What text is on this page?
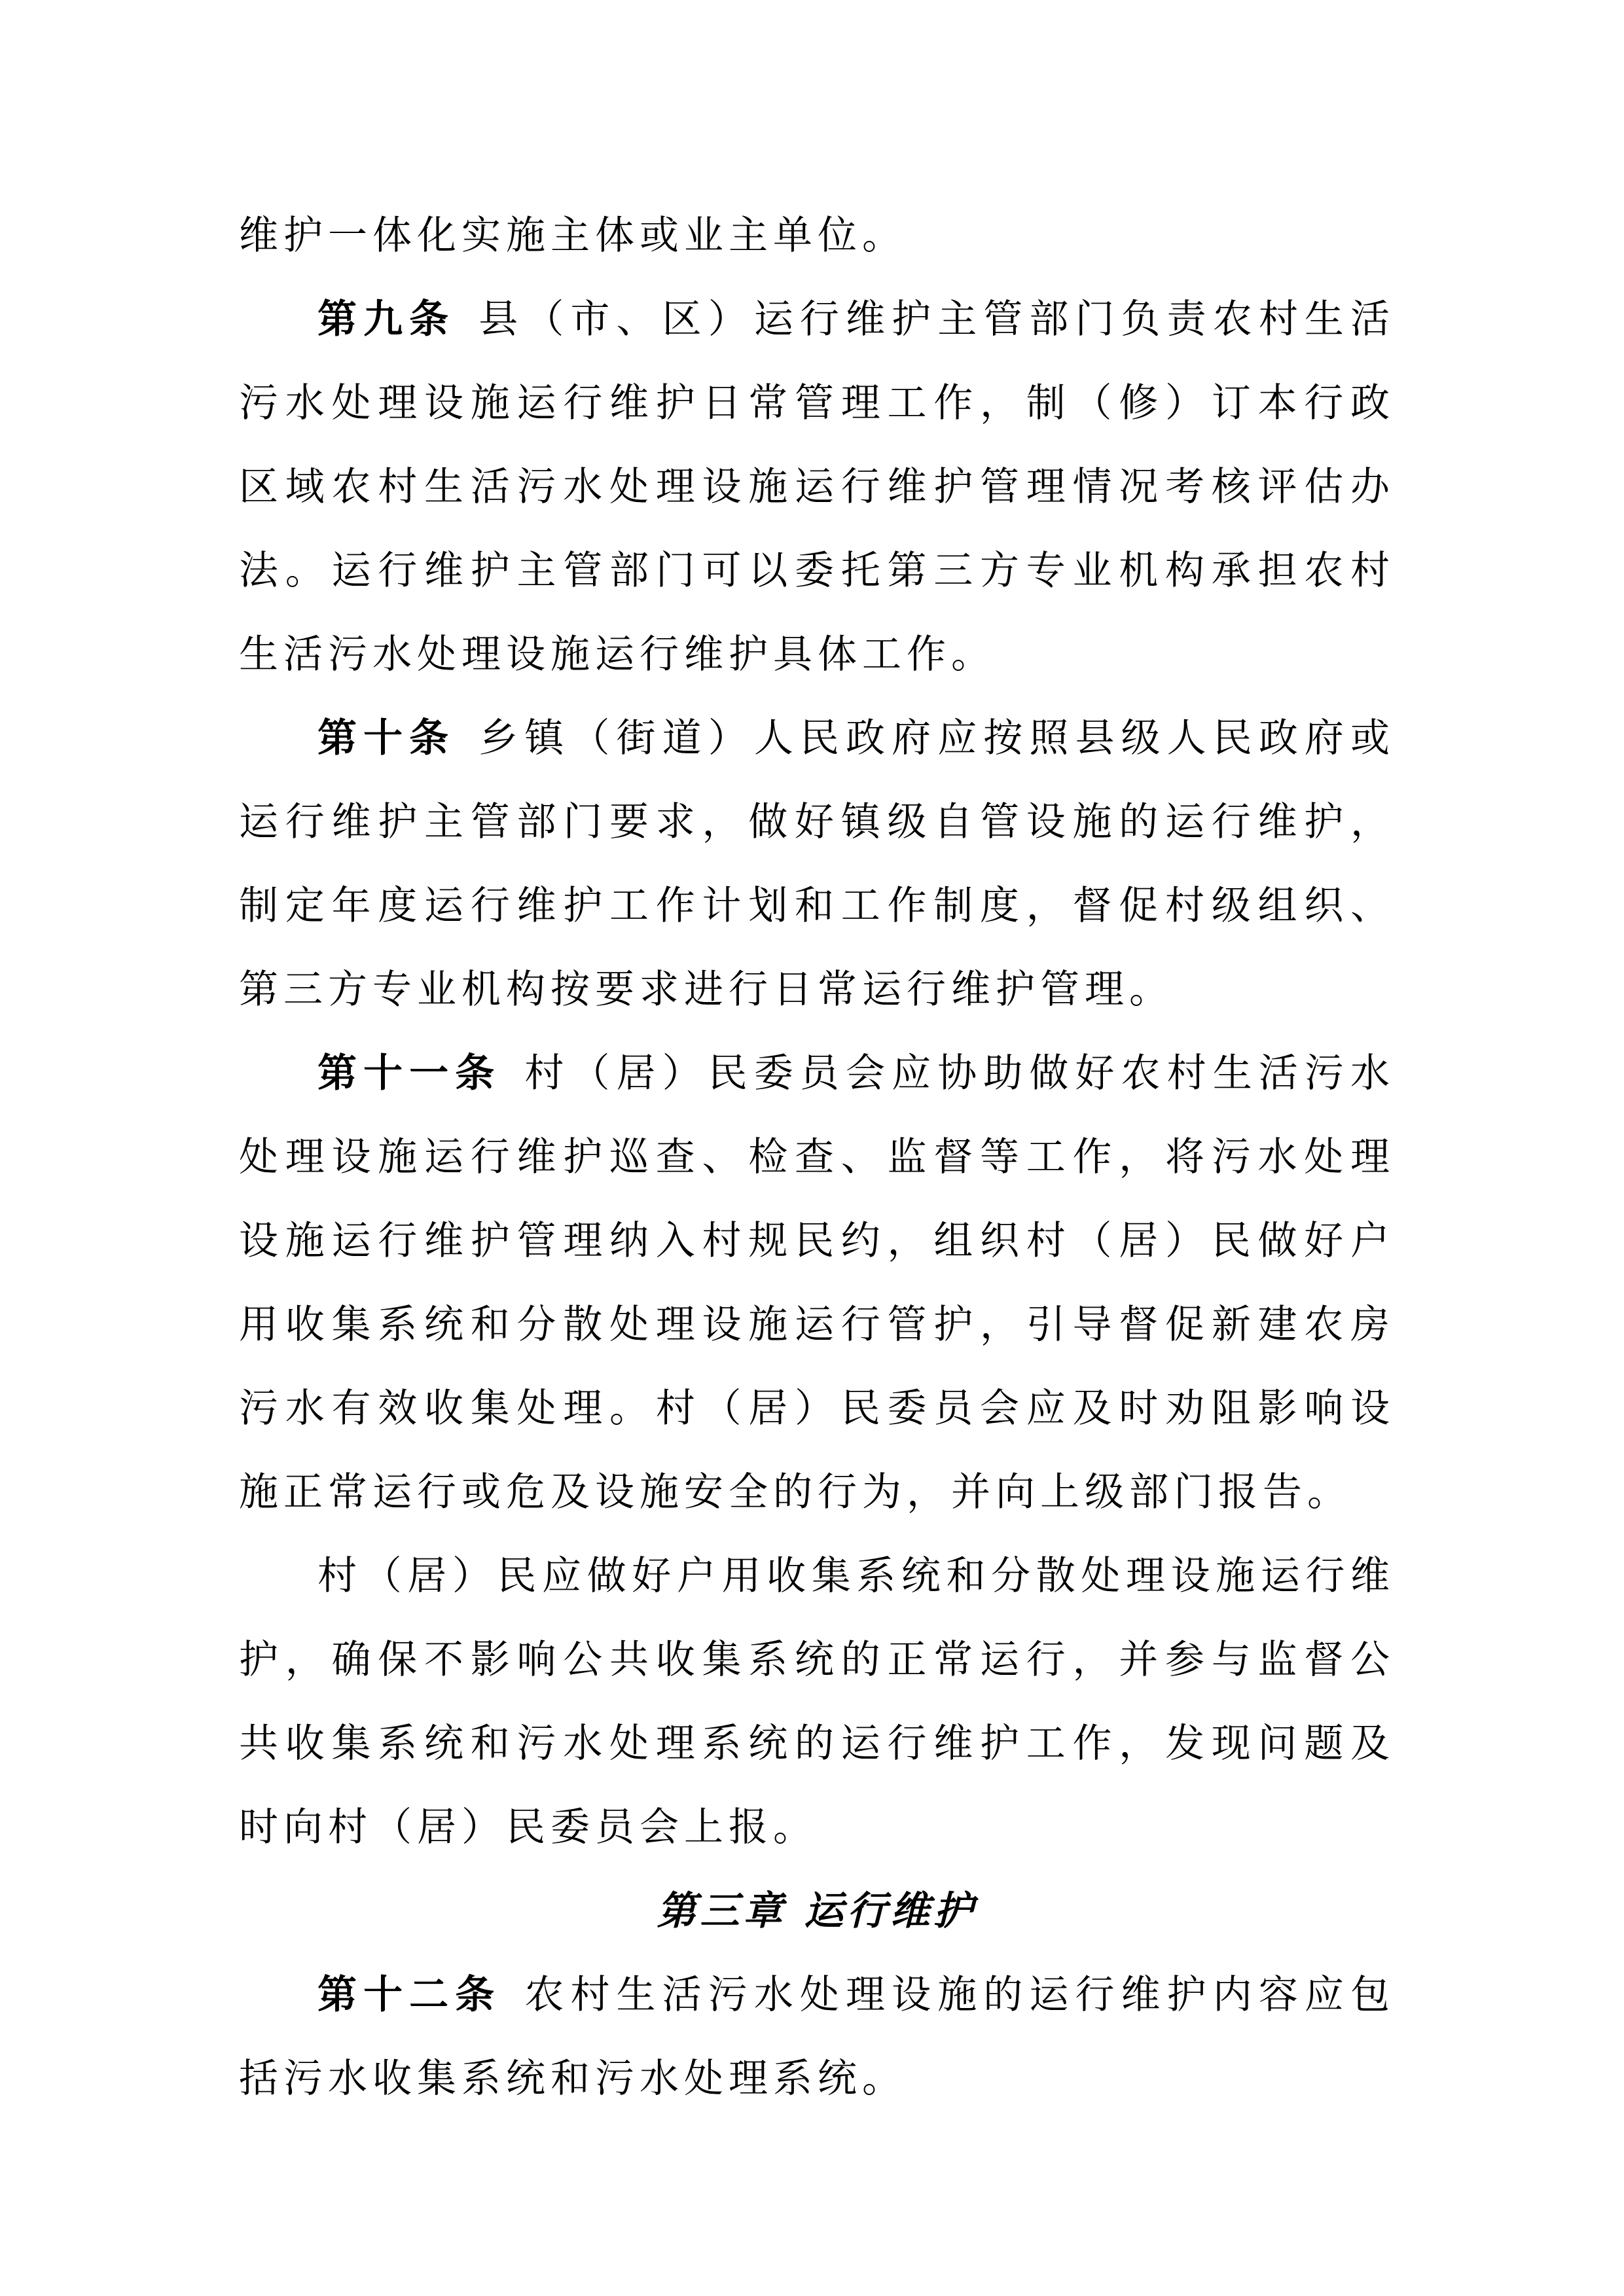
维护一体化实施主体或业主单位。

第九条 县（市、区）运行维护主管部门负责农村生活污水处理设施运行维护日常管理工作，制（修）订本行政区域农村生活污水处理设施运行维护管理情况考核评估办法。运行维护主管部门可以委托第三方专业机构承担农村生活污水处理设施运行维护具体工作。

第十条 乡镇（街道）人民政府应按照县级人民政府或运行维护主管部门要求，做好镇级自管设施的运行维护，制定年度运行维护工作计划和工作制度，督促村级组织、第三方专业机构按要求进行日常运行维护管理。

第十一条 村（居）民委员会应协助做好农村生活污水处理设施运行维护巡查、检查、监督等工作，将污水处理设施运行维护管理纳入村规民约，组织村（居）民做好户用收集系统和分散处理设施运行管护，引导督促新建农房污水有效收集处理。村（居）民委员会应及时劝阻影响设施正常运行或危及设施安全的行为，并向上级部门报告。

村（居）民应做好户用收集系统和分散处理设施运行维护，确保不影响公共收集系统的正常运行，并参与监督公共收集系统和污水处理系统的运行维护工作，发现问题及时向村（居）民委员会上报。

第三章 运行维护

第十二条 农村生活污水处理设施的运行维护内容应包括污水收集系统和污水处理系统。
